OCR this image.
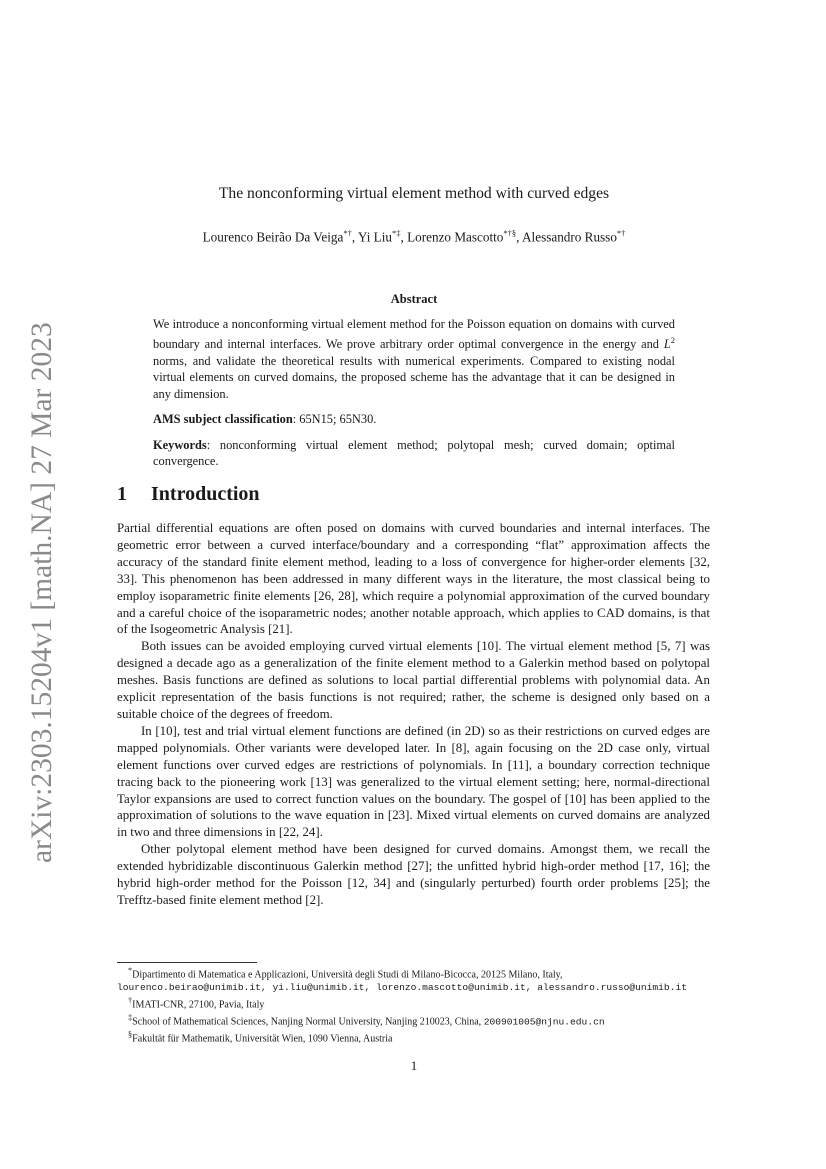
arXiv:2303.15204v1 [math.NA] 27 Mar 2023
The nonconforming virtual element method with curved edges
Lourenco Beirão Da Veiga*†, Yi Liu*‡, Lorenzo Mascotto*†§, Alessandro Russo*†
Abstract

We introduce a nonconforming virtual element method for the Poisson equation on domains with curved boundary and internal interfaces. We prove arbitrary order optimal convergence in the energy and $L^2$ norms, and validate the theoretical results with numerical experiments. Compared to existing nodal virtual elements on curved domains, the proposed scheme has the advantage that it can be designed in any dimension.

AMS subject classification: 65N15; 65N30.

Keywords: nonconforming virtual element method; polytopal mesh; curved domain; optimal convergence.

1 Introduction

Partial differential equations are often posed on domains with curved boundaries and internal interfaces. The geometric error between a curved interface/boundary and a corresponding “flat” approximation affects the accuracy of the standard finite element method, leading to a loss of convergence for higher-order elements [32, 33]. This phenomenon has been addressed in many different ways in the literature, the most classical being to employ isoparametric finite elements [26, 28], which require a polynomial approximation of the curved boundary and a careful choice of the isoparametric nodes; another notable approach, which applies to CAD domains, is that of the Isogeometric Analysis [21].

Both issues can be avoided employing curved virtual elements [10]. The virtual element method [5, 7] was designed a decade ago as a generalization of the finite element method to a Galerkin method based on polytopal meshes. Basis functions are defined as solutions to local partial differential problems with polynomial data. An explicit representation of the basis functions is not required; rather, the scheme is designed only based on a suitable choice of the degrees of freedom.

In [10], test and trial virtual element functions are defined (in 2D) so as their restrictions on curved edges are mapped polynomials. Other variants were developed later. In [8], again focusing on the 2D case only, virtual element functions over curved edges are restrictions of polynomials. In [11], a boundary correction technique tracing back to the pioneering work [13] was generalized to the virtual element setting; here, normal-directional Taylor expansions are used to correct function values on the boundary. The gospel of [10] has been applied to the approximation of solutions to the wave equation in [23]. Mixed virtual elements on curved domains are analyzed in two and three dimensions in [22, 24].

Other polytopal element method have been designed for curved domains. Amongst them, we recall the extended hybridizable discontinuous Galerkin method [27]; the unfitted hybrid high-order method [17, 16]; the hybrid high-order method for the Poisson [12, 34] and (singularly perturbed) fourth order problems [25]; the Trefftz-based finite element method [2].

*Dipartimento di Matematica e Applicazioni, Università degli Studi di Milano-Bicocca, 20125 Milano, Italy,

lourenco.beirao@unimib.it, yi.liu@unimib.it, lorenzo.mascotto@unimib.it, alessandro.russo@unimib.it

†IMATI-CNR, 27100, Pavia, Italy

‡School of Mathematical Sciences, Nanjing Normal University, Nanjing 210023, China, 200901005@njnu.edu.cn

§Fakultät für Mathematik, Universität Wien, 1090 Vienna, Austria

1
